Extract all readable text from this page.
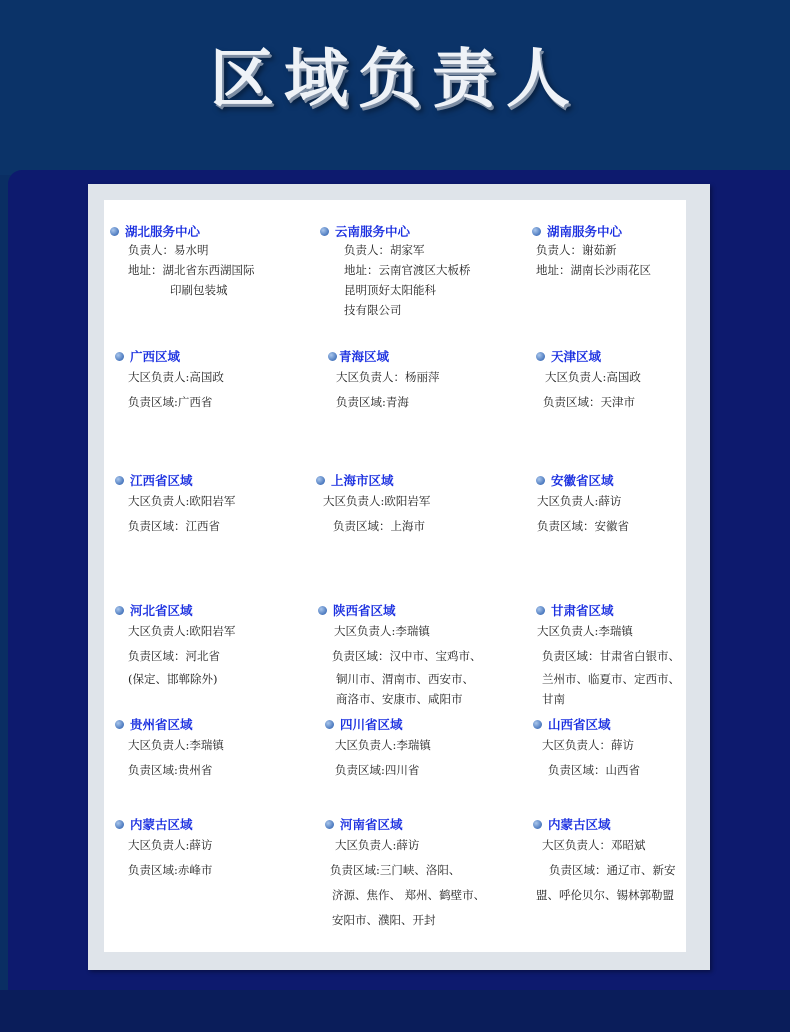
区域负责人
湖北服务中心
负责人：易水明
地址：湖北省东西湖国际
印刷包装城
云南服务中心
负责人：胡家军
地址：云南官渡区大板桥
昆明顶好太阳能科
技有限公司
湖南服务中心
负责人：谢茹新
地址：湖南长沙雨花区
广西区域
大区负责人:高国政
负责区域:广西省
青海区域
大区负责人：杨丽萍
负责区域:青海
天津区域
大区负责人:高国政
负责区域：天津市
江西省区域
大区负责人:欧阳岩军
负责区域：江西省
上海市区域
大区负责人:欧阳岩军
负责区域：上海市
安徽省区域
大区负责人:薛访
负责区域：安徽省
河北省区域
大区负责人:欧阳岩军
负责区域：河北省
(保定、邯郸除外)
陕西省区域
大区负责人:李瑞镇
负责区域：汉中市、宝鸡市、
铜川市、渭南市、西安市、
商洛市、安康市、咸阳市
甘肃省区域
大区负责人:李瑞镇
负责区域：甘肃省白银市、
兰州市、临夏市、定西市、
甘南
贵州省区域
大区负责人:李瑞镇
负责区域:贵州省
四川省区域
大区负责人:李瑞镇
负责区域:四川省
山西省区域
大区负责人：薛访
负责区域：山西省
内蒙古区域
大区负责人:薛访
负责区域:赤峰市
河南省区域
大区负责人:薛访
负责区域:三门峡、洛阳、
济源、焦作、 郑州、鹤壁市、
安阳市、濮阳、开封
内蒙古区域
大区负责人：邓昭斌
负责区域：通辽市、新安
盟、呼伦贝尔、锡林郭勒盟
